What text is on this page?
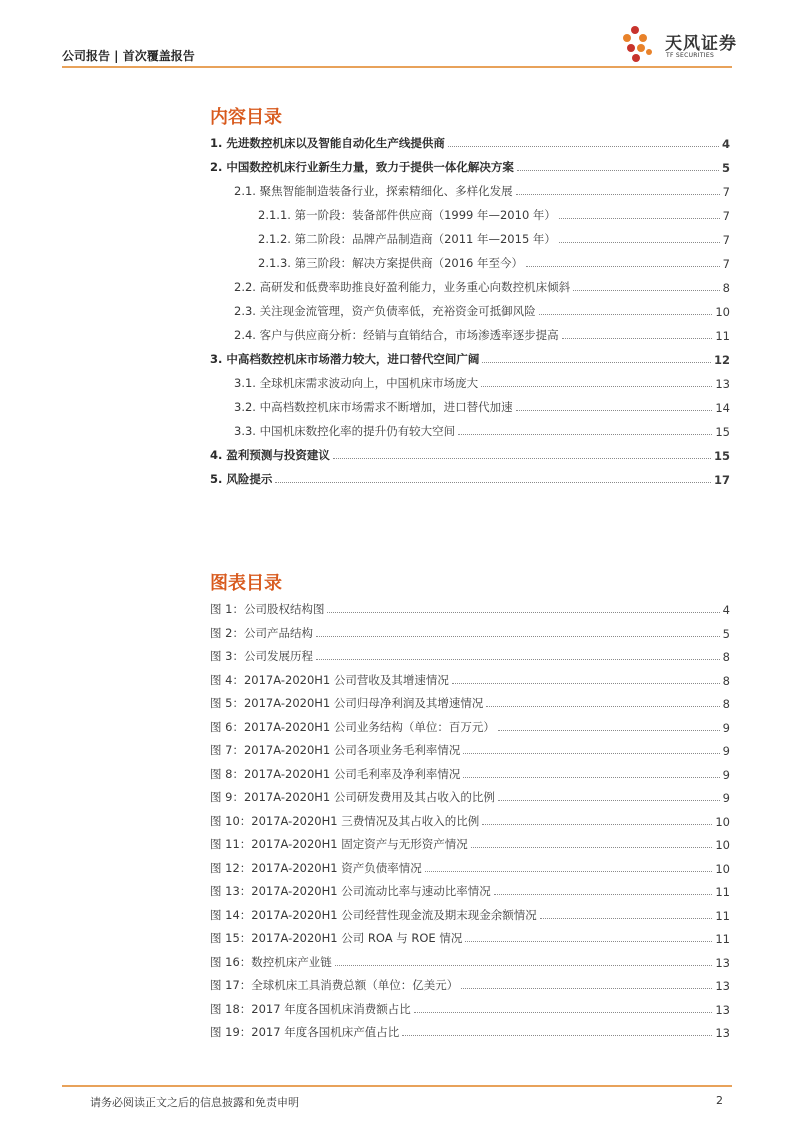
公司报告 | 首次覆盖报告
天风证券
TF SECURITIES
内容目录
1. 先进数控机床以及智能自动化生产线提供商	4
2. 中国数控机床行业新生力量，致力于提供一体化解决方案	5
2.1. 聚焦智能制造装备行业，探索精细化、多样化发展	7
2.1.1. 第一阶段：装备部件供应商（1999 年—2010 年）	7
2.1.2. 第二阶段：品牌产品制造商（2011 年—2015 年）	7
2.1.3. 第三阶段：解决方案提供商（2016 年至今）	7
2.2. 高研发和低费率助推良好盈利能力，业务重心向数控机床倾斜	8
2.3. 关注现金流管理，资产负债率低，充裕资金可抵御风险	10
2.4. 客户与供应商分析：经销与直销结合，市场渗透率逐步提高	11
3. 中高档数控机床市场潜力较大，进口替代空间广阔	12
3.1. 全球机床需求波动向上，中国机床市场庞大	13
3.2. 中高档数控机床市场需求不断增加，进口替代加速	14
3.3. 中国机床数控化率的提升仍有较大空间	15
4. 盈利预测与投资建议	15
5. 风险提示	17
图表目录
图 1：公司股权结构图	4
图 2：公司产品结构	5
图 3：公司发展历程	8
图 4：2017A-2020H1 公司营收及其增速情况	8
图 5：2017A-2020H1 公司归母净利润及其增速情况	8
图 6：2017A-2020H1 公司业务结构（单位：百万元）	9
图 7：2017A-2020H1 公司各项业务毛利率情况	9
图 8：2017A-2020H1 公司毛利率及净利率情况	9
图 9：2017A-2020H1 公司研发费用及其占收入的比例	9
图 10：2017A-2020H1 三费情况及其占收入的比例	10
图 11：2017A-2020H1 固定资产与无形资产情况	10
图 12：2017A-2020H1 资产负债率情况	10
图 13：2017A-2020H1 公司流动比率与速动比率情况	11
图 14：2017A-2020H1 公司经营性现金流及期末现金余额情况	11
图 15：2017A-2020H1 公司 ROA 与 ROE 情况	11
图 16：数控机床产业链	13
图 17：全球机床工具消费总额（单位：亿美元）	13
图 18：2017 年度各国机床消费额占比	13
图 19：2017 年度各国机床产值占比	13
请务必阅读正文之后的信息披露和免责申明	2
